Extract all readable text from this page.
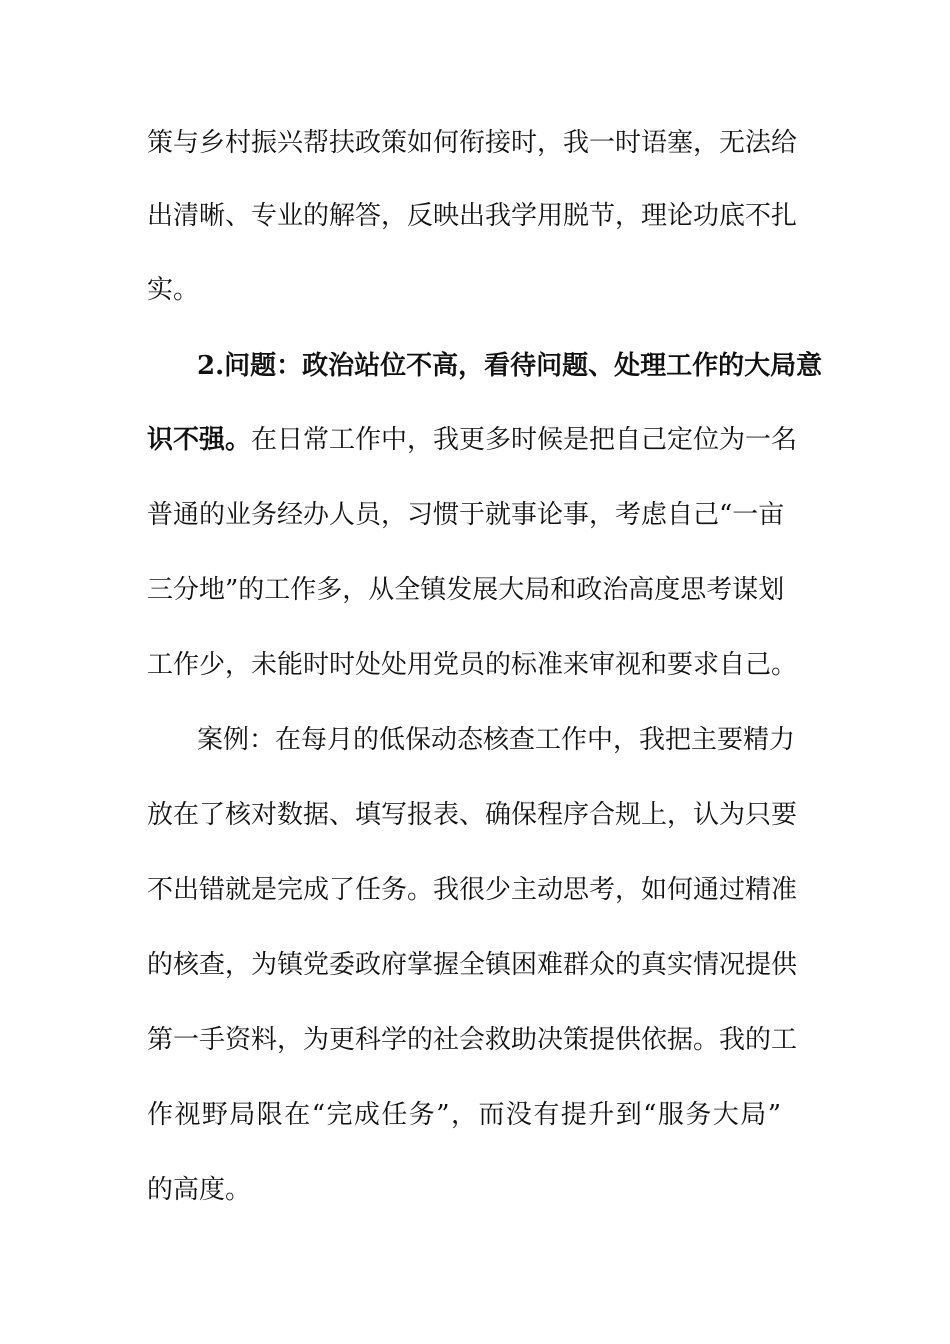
策与乡村振兴帮扶政策如何衔接时，我一时语塞，无法给
出清晰、专业的解答，反映出我学用脱节，理论功底不扎
实。
2.问题：政治站位不高，看待问题、处理工作的大局意
识不强。在日常工作中，我更多时候是把自己定位为一名
普通的业务经办人员，习惯于就事论事，考虑自己“一亩
三分地”的工作多，从全镇发展大局和政治高度思考谋划
工作少，未能时时处处用党员的标准来审视和要求自己。
案例：在每月的低保动态核查工作中，我把主要精力
放在了核对数据、填写报表、确保程序合规上，认为只要
不出错就是完成了任务。我很少主动思考，如何通过精准
的核查，为镇党委政府掌握全镇困难群众的真实情况提供
第一手资料，为更科学的社会救助决策提供依据。我的工
作视野局限在“完成任务”，而没有提升到“服务大局”
的高度。
